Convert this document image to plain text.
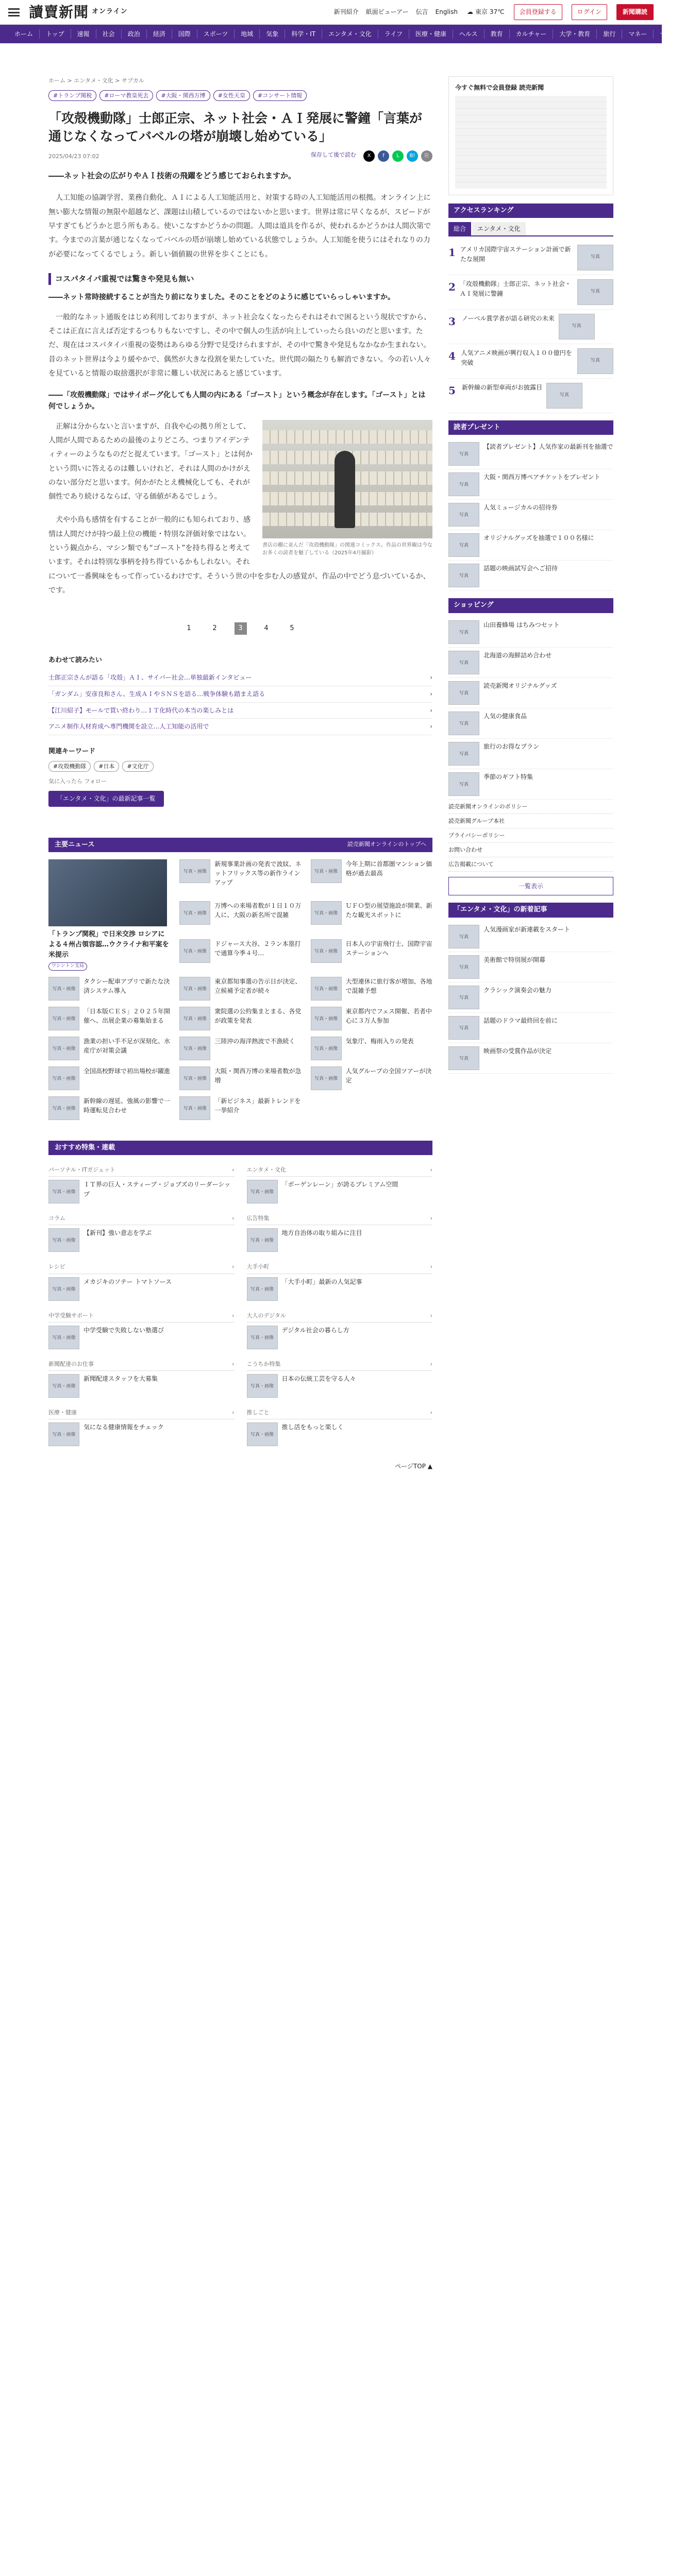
讀賣新聞 オンライン	新刊紹介 紙面ビューアー 伝言 English ☁ 東京 37℃	会員登録する	ログイン	新聞購読
ホーム	トップ	速報	社会	政治	経済	国際	スポーツ	地域	気象	科学・IT	エンタメ・文化	ライフ	医療・健康	ヘルス	教育	カルチャー	大学・教育	旅行	マネー	サイト
ホーム > エンタメ・文化 > サブカル
#トランプ関税	#ローマ教皇死去	#大阪・関西万博	#女性天皇	#コンサート情報
「攻殻機動隊」士郎正宗、ネット社会・ＡＩ発展に警鐘「言葉が通じなくなってバベルの塔が崩壊し始めている」
2025/04/23 07:02	保存して後で読む	X	f	L	B!	⎘
――ネット社会の広がりやＡＩ技術の飛躍をどう感じておられますか。

人工知能の協調学習、業務自動化、ＡＩによる人工知能活用と、対策する時の人工知能活用の根拠。オンライン上に無い膨大な情報の無限や超越など、課題は山積しているのではないかと思います。世界は常に早くなるが、スピードが早すぎてもどうかと思う所もある。使いこなすかどうかの問題。人間は道具を作るが、使われるかどうかは人間次第です。今までの言葉が通じなくなってバベルの塔が崩壊し始めている状態でしょうか。人工知能を使うにはそれなりの力が必要になってくるでしょう。新しい価値観の世界を歩くことにも。

コスパタイパ重視では驚きや発見も無い
――ネット常時接続することが当たり前になりました。そのことをどのように感じていらっしゃいますか。

一般的なネット通販をはじめ利用しておりますが、ネット社会なくなったらそれはそれで困るという現状ですから、そこは正直に言えば否定するつもりもないですし、その中で個人の生活が向上していったら良いのだと思います。ただ、現在はコスパタイパ重視の姿勢はあらゆる分野で見受けられますが、その中で驚きや発見もなかなか生まれない。昔のネット世界は今より緩やかで、偶然が大きな役割を果たしていた。世代間の隔たりも解消できない。今の若い人々を見ていると情報の取捨選択が非常に難しい状況にあると感じています。

――「攻殻機動隊」ではサイボーグ化しても人間の内にある「ゴースト」という概念が存在します。「ゴースト」とは何でしょうか。
書店の棚に並んだ「攻殻機動隊」の関連コミックス。作品の世界観は今なお多くの読者を魅了している（2025年4月撮影）

正解は分からないと言いますが、自我や心の拠り所として、人間が人間であるための最後のよりどころ、つまりアイデンティティーのようなものだと捉えています。「ゴースト」とは何かという問いに答えるのは難しいけれど、それは人間のかけがえのない部分だと思います。何かがたとえ機械化しても、それが個性であり続けるならば、守る価値があるでしょう。

犬や小鳥も感情を有することが一般的にも知られており、感情は人間だけが持つ最上位の機能・特別な評価対象ではない。という観点から、マシン類でも“ゴースト”を持ち得ると考えています。それは特別な事柄を持ち得ているかもしれない。それについて一番興味をもって作っているわけです。そういう世の中を歩む人の感覚が、作品の中でどう息づいているか、です。

1	2	3	4	5
あわせて読みたい
士郎正宗さんが語る「攻殻」ＡＩ、サイバー社会…単独最新インタビュー	›
「ガンダム」安彦良和さん、生成ＡＩやＳＮＳを語る…戦争体験も踏まえ語る	›
【江川紹子】モールで買い終わり…ＩＴ化時代の本当の楽しみとは	›
アニメ制作人材育成へ専門機関を設立…人工知能の活用で	›
関連キーワード
#攻殻機動隊	#日本	#文化庁
気に入ったら フォロー
「エンタメ・文化」の最新記事一覧
主要ニュース	読売新聞オンラインのトップへ
「トランプ関税」で日米交渉 ロシアによる４州占領容認…ウクライナ和平案を米提示
ワシントン支局
写真・画像
新規事業計画の発表で波紋、ネットフリックス等の新作ラインアップ
写真・画像
今年上期に首都圏マンション価格が過去最高
写真・画像
万博への来場者数が１日１０万人に、大阪の新名所で混雑	写真・画像
ＵＦＯ型の展望施設が開業、新たな観光スポットに
写真・画像
ドジャース大谷、２ラン本塁打で通算今季４号…	写真・画像
日本人の宇宙飛行士、国際宇宙ステーションへ
写真・画像
タクシー配車アプリで新たな決済システム導入	写真・画像
東京都知事選の告示日が決定、立候補予定者が続々	写真・画像
大型連休に旅行客が増加、各地で混雑予想
写真・画像
「日本版ＣＥＳ」２０２５年開催へ、出展企業の募集始まる	写真・画像
衆院選の公約集まとまる、各党が政策を発表	写真・画像
東京都内でフェス開催、若者中心に３万人参加
写真・画像
漁業の担い手不足が深刻化、水産庁が対策会議	写真・画像
三陸沖の海洋熱波で不漁続く
写真・画像
気象庁、梅雨入りの発表
写真・画像
全国高校野球で初出場校が躍進
写真・画像
大阪・関西万博の来場者数が急増	写真・画像
人気グループの全国ツアーが決定
写真・画像
新幹線の遅延、強風の影響で一時運転見合わせ	写真・画像
「新ビジネス」最新トレンドを一挙紹介
おすすめ特集・連載
パーソナル・ITガジェット	›
写真・画像
ＩＴ界の巨人・スティーブ・ジョブズのリーダーシップ
エンタメ・文化	›
写真・画像
「ボーゲンレーン」が誇るプレミアム空間
コラム	›
写真・画像
【新刊】強い意志を学ぶ
広告特集	›
写真・画像
地方自治体の取り組みに注目
レシピ	›
写真・画像
メカジキのソテー トマトソース
大手小町	›
写真・画像
「大手小町」最新の人気記事
中学受験サポート	›
写真・画像
中学受験で失敗しない塾選び
大人のデジタル	›
写真・画像
デジタル社会の暮らし方
新聞配達のお仕事	›
写真・画像
新聞配達スタッフを大募集
こうちか特集	›
写真・画像
日本の伝統工芸を守る人々
医療・健康	›
写真・画像
気になる健康情報をチェック
推しごと	›
写真・画像
推し活をもっと楽しく
ページTOP ▲
今すぐ無料で会員登録 読売新聞
アクセスランキング
総合	エンタメ・文化
1 アメリカ国際宇宙ステーション計画で新たな展開	写真
2 「攻殻機動隊」士郎正宗、ネット社会・ＡＩ発展に警鐘	写真
3	ノーベル賞学者が語る研究の未来
写真
4 人気アニメ映画が興行収入１００億円を突破	写真
5	新幹線の新型車両がお披露目
写真
読者プレゼント
写真
【読者プレゼント】人気作家の最新刊を抽選で
写真
大阪・関西万博ペアチケットをプレゼント
写真
人気ミュージカルの招待券
写真
オリジナルグッズを抽選で１００名様に
写真
話題の映画試写会へご招待
ショッピング
写真
山田養蜂場 はちみつセット
写真
北海道の海鮮詰め合わせ
写真
読売新聞オリジナルグッズ
写真
人気の健康食品
写真
旅行のお得なプラン
写真
季節のギフト特集
読売新聞オンラインのポリシー
読売新聞グループ本社
プライバシーポリシー
お問い合わせ
広告掲載について
一覧表示
「エンタメ・文化」の新着記事
写真
人気漫画家が新連載をスタート
写真
美術館で特別展が開幕
写真
クラシック演奏会の魅力
写真
話題のドラマ最終回を前に
写真
映画祭の受賞作品が決定
